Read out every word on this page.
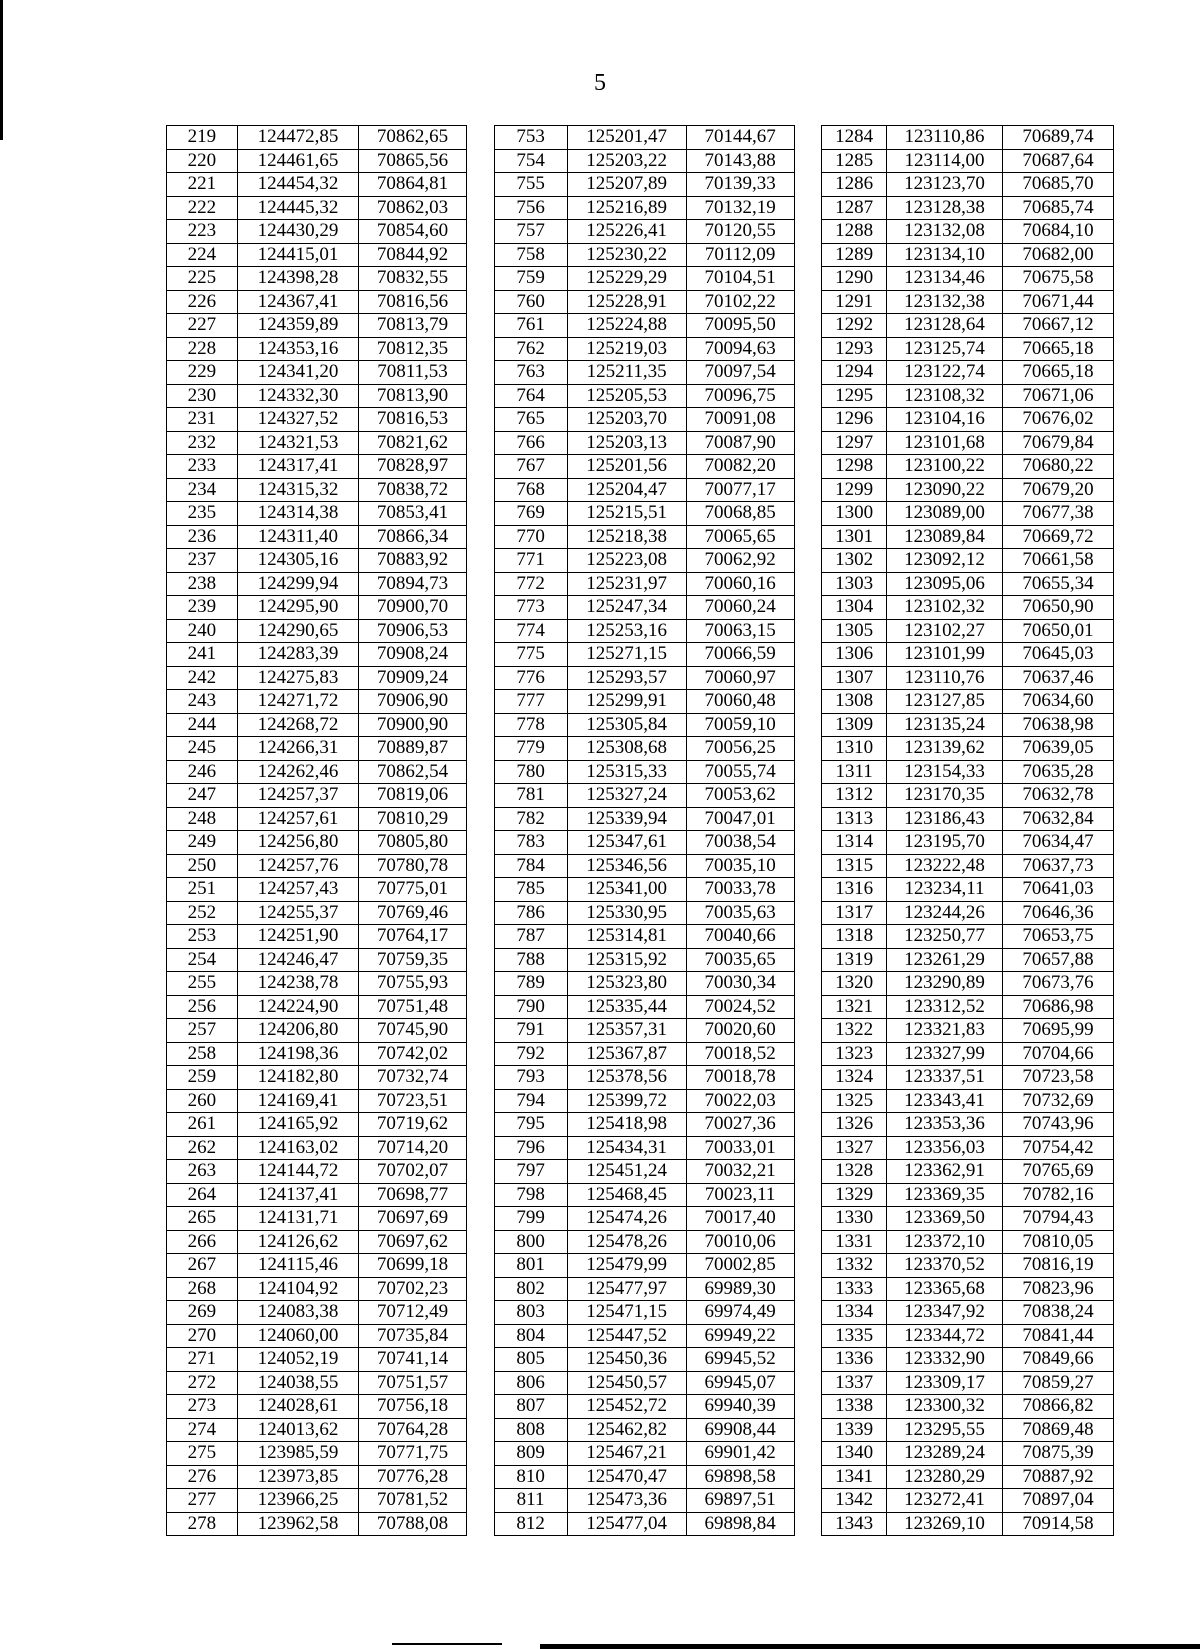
5
219	124472,85	70862,65		753	125201,47	70144,67		1284	123110,86	70689,74
220	124461,65	70865,56		754	125203,22	70143,88		1285	123114,00	70687,64
221	124454,32	70864,81		755	125207,89	70139,33		1286	123123,70	70685,70
222	124445,32	70862,03		756	125216,89	70132,19		1287	123128,38	70685,74
223	124430,29	70854,60		757	125226,41	70120,55		1288	123132,08	70684,10
224	124415,01	70844,92		758	125230,22	70112,09		1289	123134,10	70682,00
225	124398,28	70832,55		759	125229,29	70104,51		1290	123134,46	70675,58
226	124367,41	70816,56		760	125228,91	70102,22		1291	123132,38	70671,44
227	124359,89	70813,79		761	125224,88	70095,50		1292	123128,64	70667,12
228	124353,16	70812,35		762	125219,03	70094,63		1293	123125,74	70665,18
229	124341,20	70811,53		763	125211,35	70097,54		1294	123122,74	70665,18
230	124332,30	70813,90		764	125205,53	70096,75		1295	123108,32	70671,06
231	124327,52	70816,53		765	125203,70	70091,08		1296	123104,16	70676,02
232	124321,53	70821,62		766	125203,13	70087,90		1297	123101,68	70679,84
233	124317,41	70828,97		767	125201,56	70082,20		1298	123100,22	70680,22
234	124315,32	70838,72		768	125204,47	70077,17		1299	123090,22	70679,20
235	124314,38	70853,41		769	125215,51	70068,85		1300	123089,00	70677,38
236	124311,40	70866,34		770	125218,38	70065,65		1301	123089,84	70669,72
237	124305,16	70883,92		771	125223,08	70062,92		1302	123092,12	70661,58
238	124299,94	70894,73		772	125231,97	70060,16		1303	123095,06	70655,34
239	124295,90	70900,70		773	125247,34	70060,24		1304	123102,32	70650,90
240	124290,65	70906,53		774	125253,16	70063,15		1305	123102,27	70650,01
241	124283,39	70908,24		775	125271,15	70066,59		1306	123101,99	70645,03
242	124275,83	70909,24		776	125293,57	70060,97		1307	123110,76	70637,46
243	124271,72	70906,90		777	125299,91	70060,48		1308	123127,85	70634,60
244	124268,72	70900,90		778	125305,84	70059,10		1309	123135,24	70638,98
245	124266,31	70889,87		779	125308,68	70056,25		1310	123139,62	70639,05
246	124262,46	70862,54		780	125315,33	70055,74		1311	123154,33	70635,28
247	124257,37	70819,06		781	125327,24	70053,62		1312	123170,35	70632,78
248	124257,61	70810,29		782	125339,94	70047,01		1313	123186,43	70632,84
249	124256,80	70805,80		783	125347,61	70038,54		1314	123195,70	70634,47
250	124257,76	70780,78		784	125346,56	70035,10		1315	123222,48	70637,73
251	124257,43	70775,01		785	125341,00	70033,78		1316	123234,11	70641,03
252	124255,37	70769,46		786	125330,95	70035,63		1317	123244,26	70646,36
253	124251,90	70764,17		787	125314,81	70040,66		1318	123250,77	70653,75
254	124246,47	70759,35		788	125315,92	70035,65		1319	123261,29	70657,88
255	124238,78	70755,93		789	125323,80	70030,34		1320	123290,89	70673,76
256	124224,90	70751,48		790	125335,44	70024,52		1321	123312,52	70686,98
257	124206,80	70745,90		791	125357,31	70020,60		1322	123321,83	70695,99
258	124198,36	70742,02		792	125367,87	70018,52		1323	123327,99	70704,66
259	124182,80	70732,74		793	125378,56	70018,78		1324	123337,51	70723,58
260	124169,41	70723,51		794	125399,72	70022,03		1325	123343,41	70732,69
261	124165,92	70719,62		795	125418,98	70027,36		1326	123353,36	70743,96
262	124163,02	70714,20		796	125434,31	70033,01		1327	123356,03	70754,42
263	124144,72	70702,07		797	125451,24	70032,21		1328	123362,91	70765,69
264	124137,41	70698,77		798	125468,45	70023,11		1329	123369,35	70782,16
265	124131,71	70697,69		799	125474,26	70017,40		1330	123369,50	70794,43
266	124126,62	70697,62		800	125478,26	70010,06		1331	123372,10	70810,05
267	124115,46	70699,18		801	125479,99	70002,85		1332	123370,52	70816,19
268	124104,92	70702,23		802	125477,97	69989,30		1333	123365,68	70823,96
269	124083,38	70712,49		803	125471,15	69974,49		1334	123347,92	70838,24
270	124060,00	70735,84		804	125447,52	69949,22		1335	123344,72	70841,44
271	124052,19	70741,14		805	125450,36	69945,52		1336	123332,90	70849,66
272	124038,55	70751,57		806	125450,57	69945,07		1337	123309,17	70859,27
273	124028,61	70756,18		807	125452,72	69940,39		1338	123300,32	70866,82
274	124013,62	70764,28		808	125462,82	69908,44		1339	123295,55	70869,48
275	123985,59	70771,75		809	125467,21	69901,42		1340	123289,24	70875,39
276	123973,85	70776,28		810	125470,47	69898,58		1341	123280,29	70887,92
277	123966,25	70781,52		811	125473,36	69897,51		1342	123272,41	70897,04
278	123962,58	70788,08		812	125477,04	69898,84		1343	123269,10	70914,58
